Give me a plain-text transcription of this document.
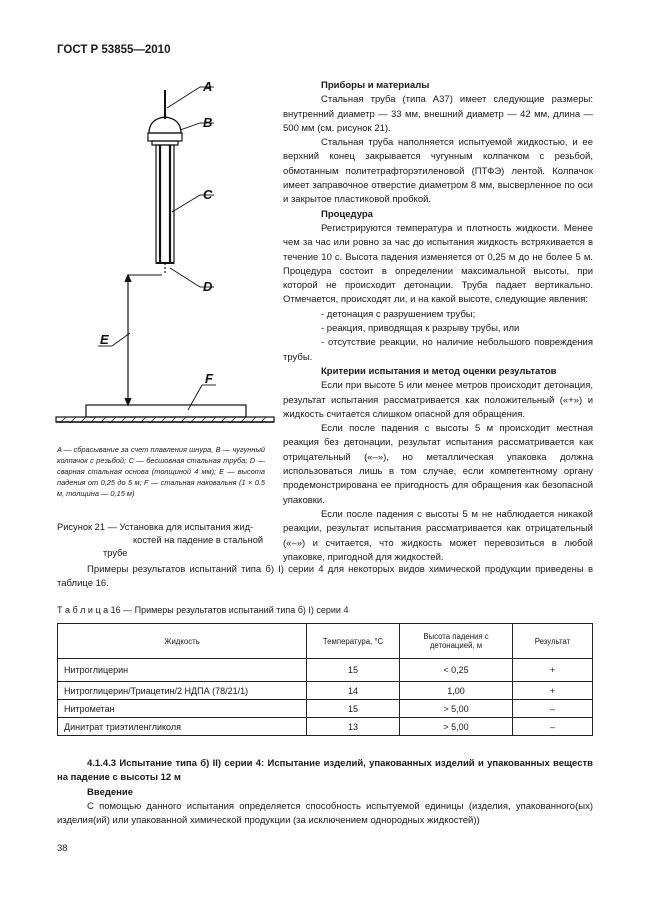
ГОСТ Р 53855—2010
A
B
C
D
E
F
A — сбрасывание за счет плавления шнура, B — чугунный колпачок с резьбой; C — бесшовная стальная труба; D — сварная стальная основа (толщиной 4 мм); E — высота падения от 0,25 до 5 м; F — стальная наковальня (1 × 0.5 м, толщина — 0,15 м)
Рисунок 21 — Установка для испытания жид-
костей на падение в стальной трубе

Приборы и материалы

Стальная труба (типа А37) имеет следующие размеры: внутренний диаметр — 33 мм, внешний диаметр — 42 мм, длина — 500 мм (см. рисунок 21).

Стальная труба наполняется испытуемой жидкостью, и ее верхний конец закрывается чугунным колпачком с резьбой, обмотанным политетрафторэтиленовой (ПТФЭ) лентой. Колпачок имеет заправочное отверстие диаметром 8 мм, высверленное по оси и закрытое пластиковой пробкой.

Процедура

Регистрируются температура и плотность жидкости. Менее чем за час или ровно за час до испытания жидкость встряхивается в течение 10 с. Высота падения изменяется от 0,25 м до не более 5 м. Процедура состоит в определении максимальной высоты, при которой не происходит детонации. Труба падает вертикально. Отмечается, происходят ли, и на какой высоте, следующие явления:

- детонация с разрушением трубы;

- реакция, приводящая к разрыву трубы, или

- отсутствие реакции, но наличие небольшого повреждения трубы.

Критерии испытания и метод оценки результатов

Если при высоте 5 или менее метров происходит детонация, результат испытания рассматривается как положительный («+») и жидкость считается слишком опасной для обращения.

Если после падения с высоты 5 м происходит местная реакция без детонации, результат испытания рассматривается как отрицательный («–»), но металлическая упаковка должна использоваться лишь в том случае, если компетентному органу продемонстрирована ее пригодность для обращения как безопасной упаковки.

Если после падения с высоты 5 м не наблюдается никакой реакции, результат испытания рассматривается как отрицательный («–») и считается, что жидкость может перевозиться в любой упаковке, пригодной для жидкостей.

Примеры результатов испытаний типа б) I) серии 4 для некоторых видов химической продукции приведены в таблице 16.

Т а б л и ц а 16 — Примеры результатов испытаний типа б) I) серии 4
Жидкость	Температура, °С	Высота падения с детонацией, м	Результат
Нитроглицерин	15	< 0,25	+
Нитроглицерин/Триацетин/2 НДПА (78/21/1)	14	1,00	+
Нитрометан	15	> 5,00	–
Динитрат триэтиленгликоля	13	> 5,00	–

4.1.4.3 Испытание типа б) II) серии 4: Испытание изделий, упакованных изделий и упакованных веществ на падение с высоты 12 м

Введение

С помощью данного испытания определяется способность испытуемой единицы (изделия, упакованного(ых) изделия(ий) или упакованной химической продукции (за исключением однородных жидкостей))

38
